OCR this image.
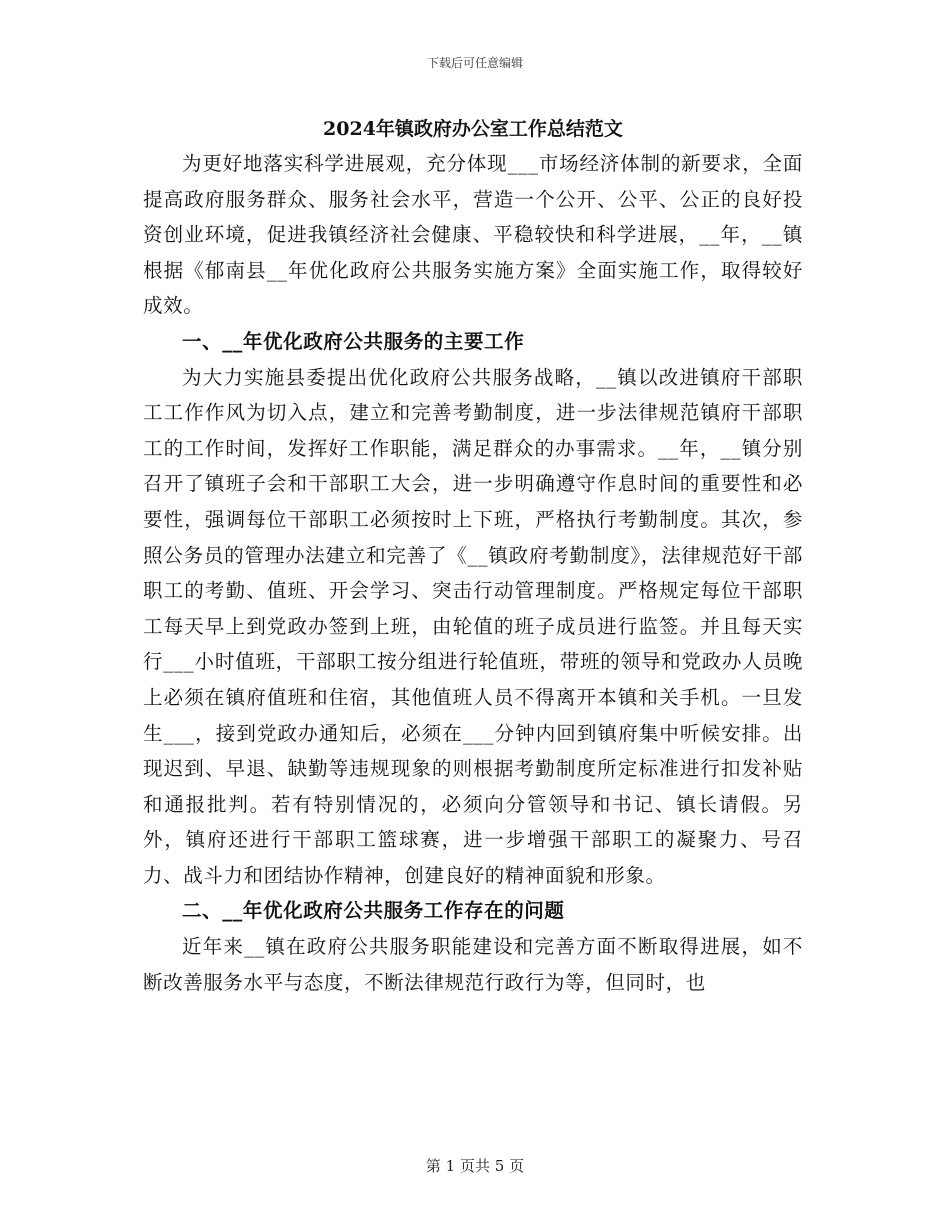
下载后可任意编辑
2024年镇政府办公室工作总结范文

为更好地落实科学进展观，充分体现___市场经济体制的新要求，全面提高政府服务群众、服务社会水平，营造一个公开、公平、公正的良好投资创业环境，促进我镇经济社会健康、平稳较快和科学进展，__年，__镇根据《郁南县__年优化政府公共服务实施方案》全面实施工作，取得较好成效。

一、__年优化政府公共服务的主要工作

为大力实施县委提出优化政府公共服务战略，__镇以改进镇府干部职工工作作风为切入点，建立和完善考勤制度，进一步法律规范镇府干部职工的工作时间，发挥好工作职能，满足群众的办事需求。__年，__镇分别召开了镇班子会和干部职工大会，进一步明确遵守作息时间的重要性和必要性，强调每位干部职工必须按时上下班，严格执行考勤制度。其次，参照公务员的管理办法建立和完善了《__镇政府考勤制度》，法律规范好干部职工的考勤、值班、开会学习、突击行动管理制度。严格规定每位干部职工每天早上到党政办签到上班，由轮值的班子成员进行监签。并且每天实行___小时值班，干部职工按分组进行轮值班，带班的领导和党政办人员晚上必须在镇府值班和住宿，其他值班人员不得离开本镇和关手机。一旦发生___，接到党政办通知后，必须在___分钟内回到镇府集中听候安排。出现迟到、早退、缺勤等违规现象的则根据考勤制度所定标准进行扣发补贴和通报批判。若有特别情况的，必须向分管领导和书记、镇长请假。另外，镇府还进行干部职工篮球赛，进一步增强干部职工的凝聚力、号召力、战斗力和团结协作精神，创建良好的精神面貌和形象。

二、__年优化政府公共服务工作存在的问题

近年来__镇在政府公共服务职能建设和完善方面不断取得进展，如不断改善服务水平与态度，不断法律规范行政行为等，但同时，也

第 1 页共 5 页
